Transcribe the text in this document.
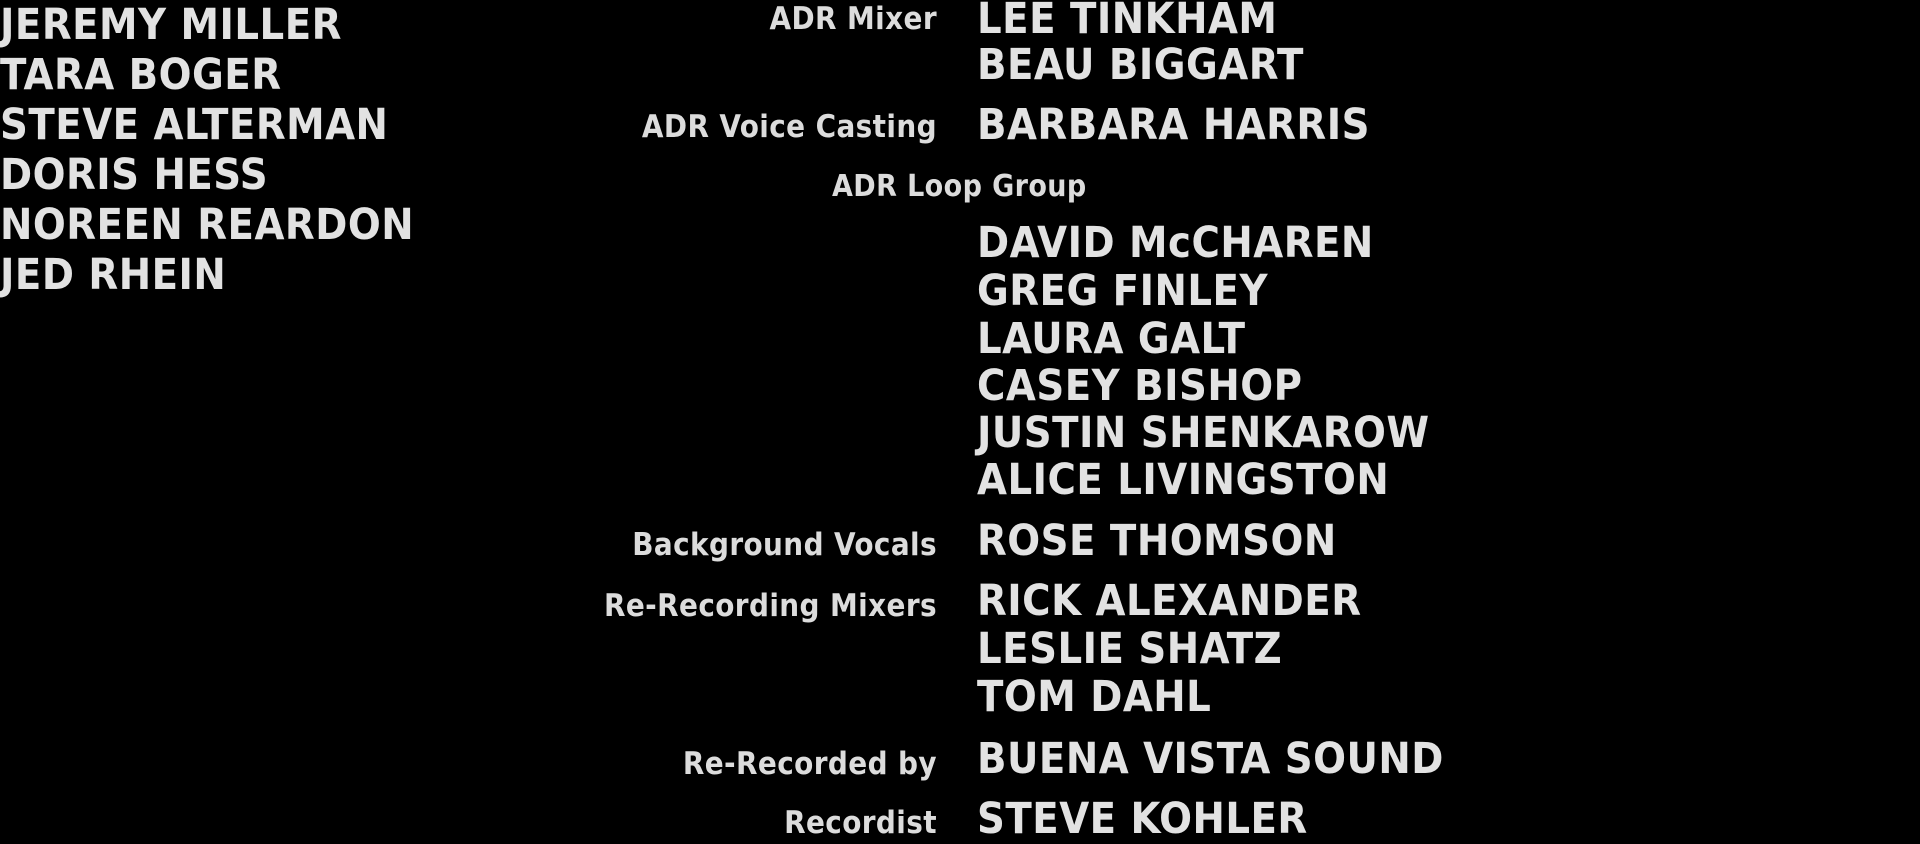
ADR Mixer LEE TINKHAM
BEAU BIGGART
ADR Voice Casting BARBARA HARRIS
ADR Loop Group
JEREMY MILLER
DAVID McCHAREN
TARA BOGER
GREG FINLEY
STEVE ALTERMAN
LAURA GALT
DORIS HESS
CASEY BISHOP
NOREEN REARDON
JUSTIN SHENKAROW
JED RHEIN
ALICE LIVINGSTON
Background Vocals ROSE THOMSON
Re-Recording Mixers RICK ALEXANDER
LESLIE SHATZ
TOM DAHL
Re-Recorded by BUENA VISTA SOUND
Recordist STEVE KOHLER
